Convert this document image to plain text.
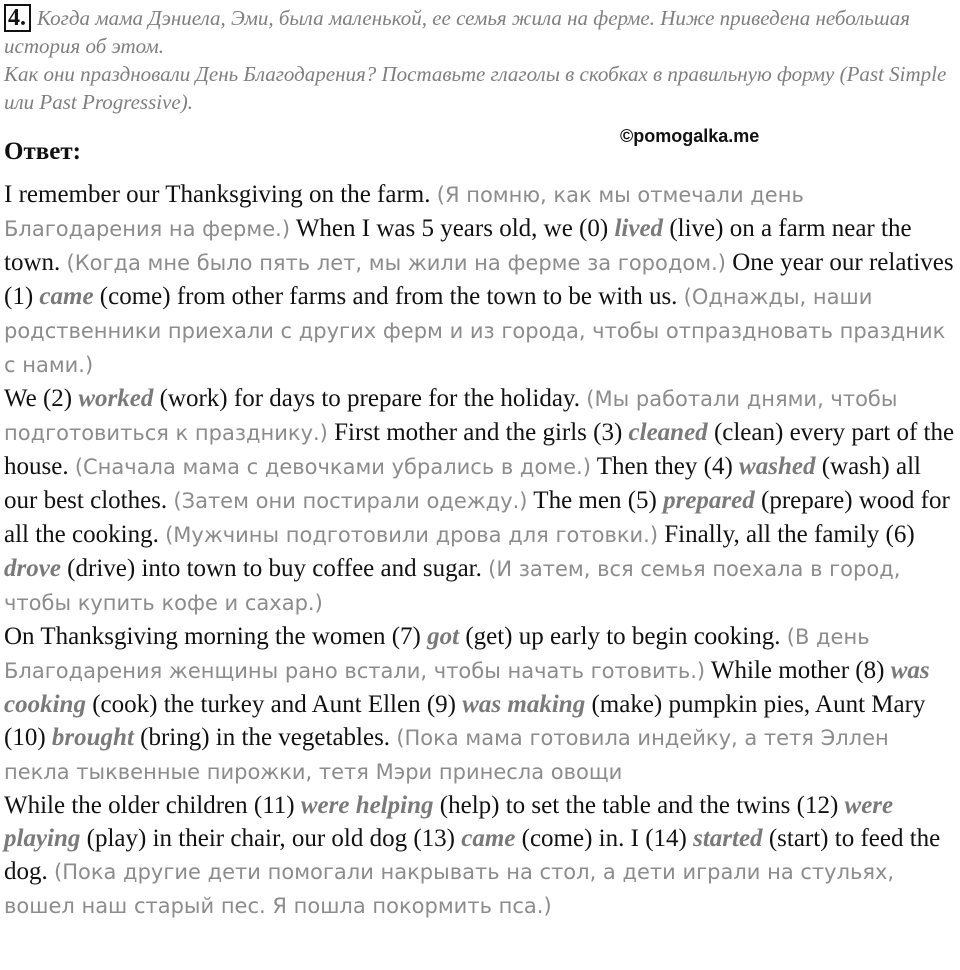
4. Когда мама Дэниела, Эми, была маленькой, ее семья жила на ферме. Ниже приведена небольшая история об этом.
Как они праздновали День Благодарения? Поставьте глаголы в скобках в правильную форму (Past Simple или Past Progressive).
Ответ:
©pomogalka.me

I remember our Thanksgiving on the farm. (Я помню, как мы отмечали день Благодарения на ферме.) When I was 5 years old, we (0) lived (live) on a farm near the town. (Когда мне было пять лет, мы жили на ферме за городом.) One year our relatives (1) came (come) from other farms and from the town to be with us. (Однажды, наши родственники приехали с других ферм и из города, чтобы отпраздновать праздник с нами.)

We (2) worked (work) for days to prepare for the holiday. (Мы работали днями, чтобы подготовиться к празднику.) First mother and the girls (3) cleaned (clean) every part of the house. (Сначала мама с девочками убрались в доме.) Then they (4) washed (wash) all our best clothes. (Затем они постирали одежду.) The men (5) prepared (prepare) wood for all the cooking. (Мужчины подготовили дрова для готовки.) Finally, all the family (6) drove (drive) into town to buy coffee and sugar. (И затем, вся семья поехала в город, чтобы купить кофе и сахар.)

On Thanksgiving morning the women (7) got (get) up early to begin cooking. (В день Благодарения женщины рано встали, чтобы начать готовить.) While mother (8) was cooking (cook) the turkey and Aunt Ellen (9) was making (make) pumpkin pies, Aunt Mary (10) brought (bring) in the vegetables. (Пока мама готовила индейку, а тетя Эллен пекла тыквенные пирожки, тетя Мэри принесла овощи

While the older children (11) were helping (help) to set the table and the twins (12) were playing (play) in their chair, our old dog (13) came (come) in. I (14) started (start) to feed the dog. (Пока другие дети помогали накрывать на стол, а дети играли на стульях, вошел наш старый пес. Я пошла покормить пса.)
